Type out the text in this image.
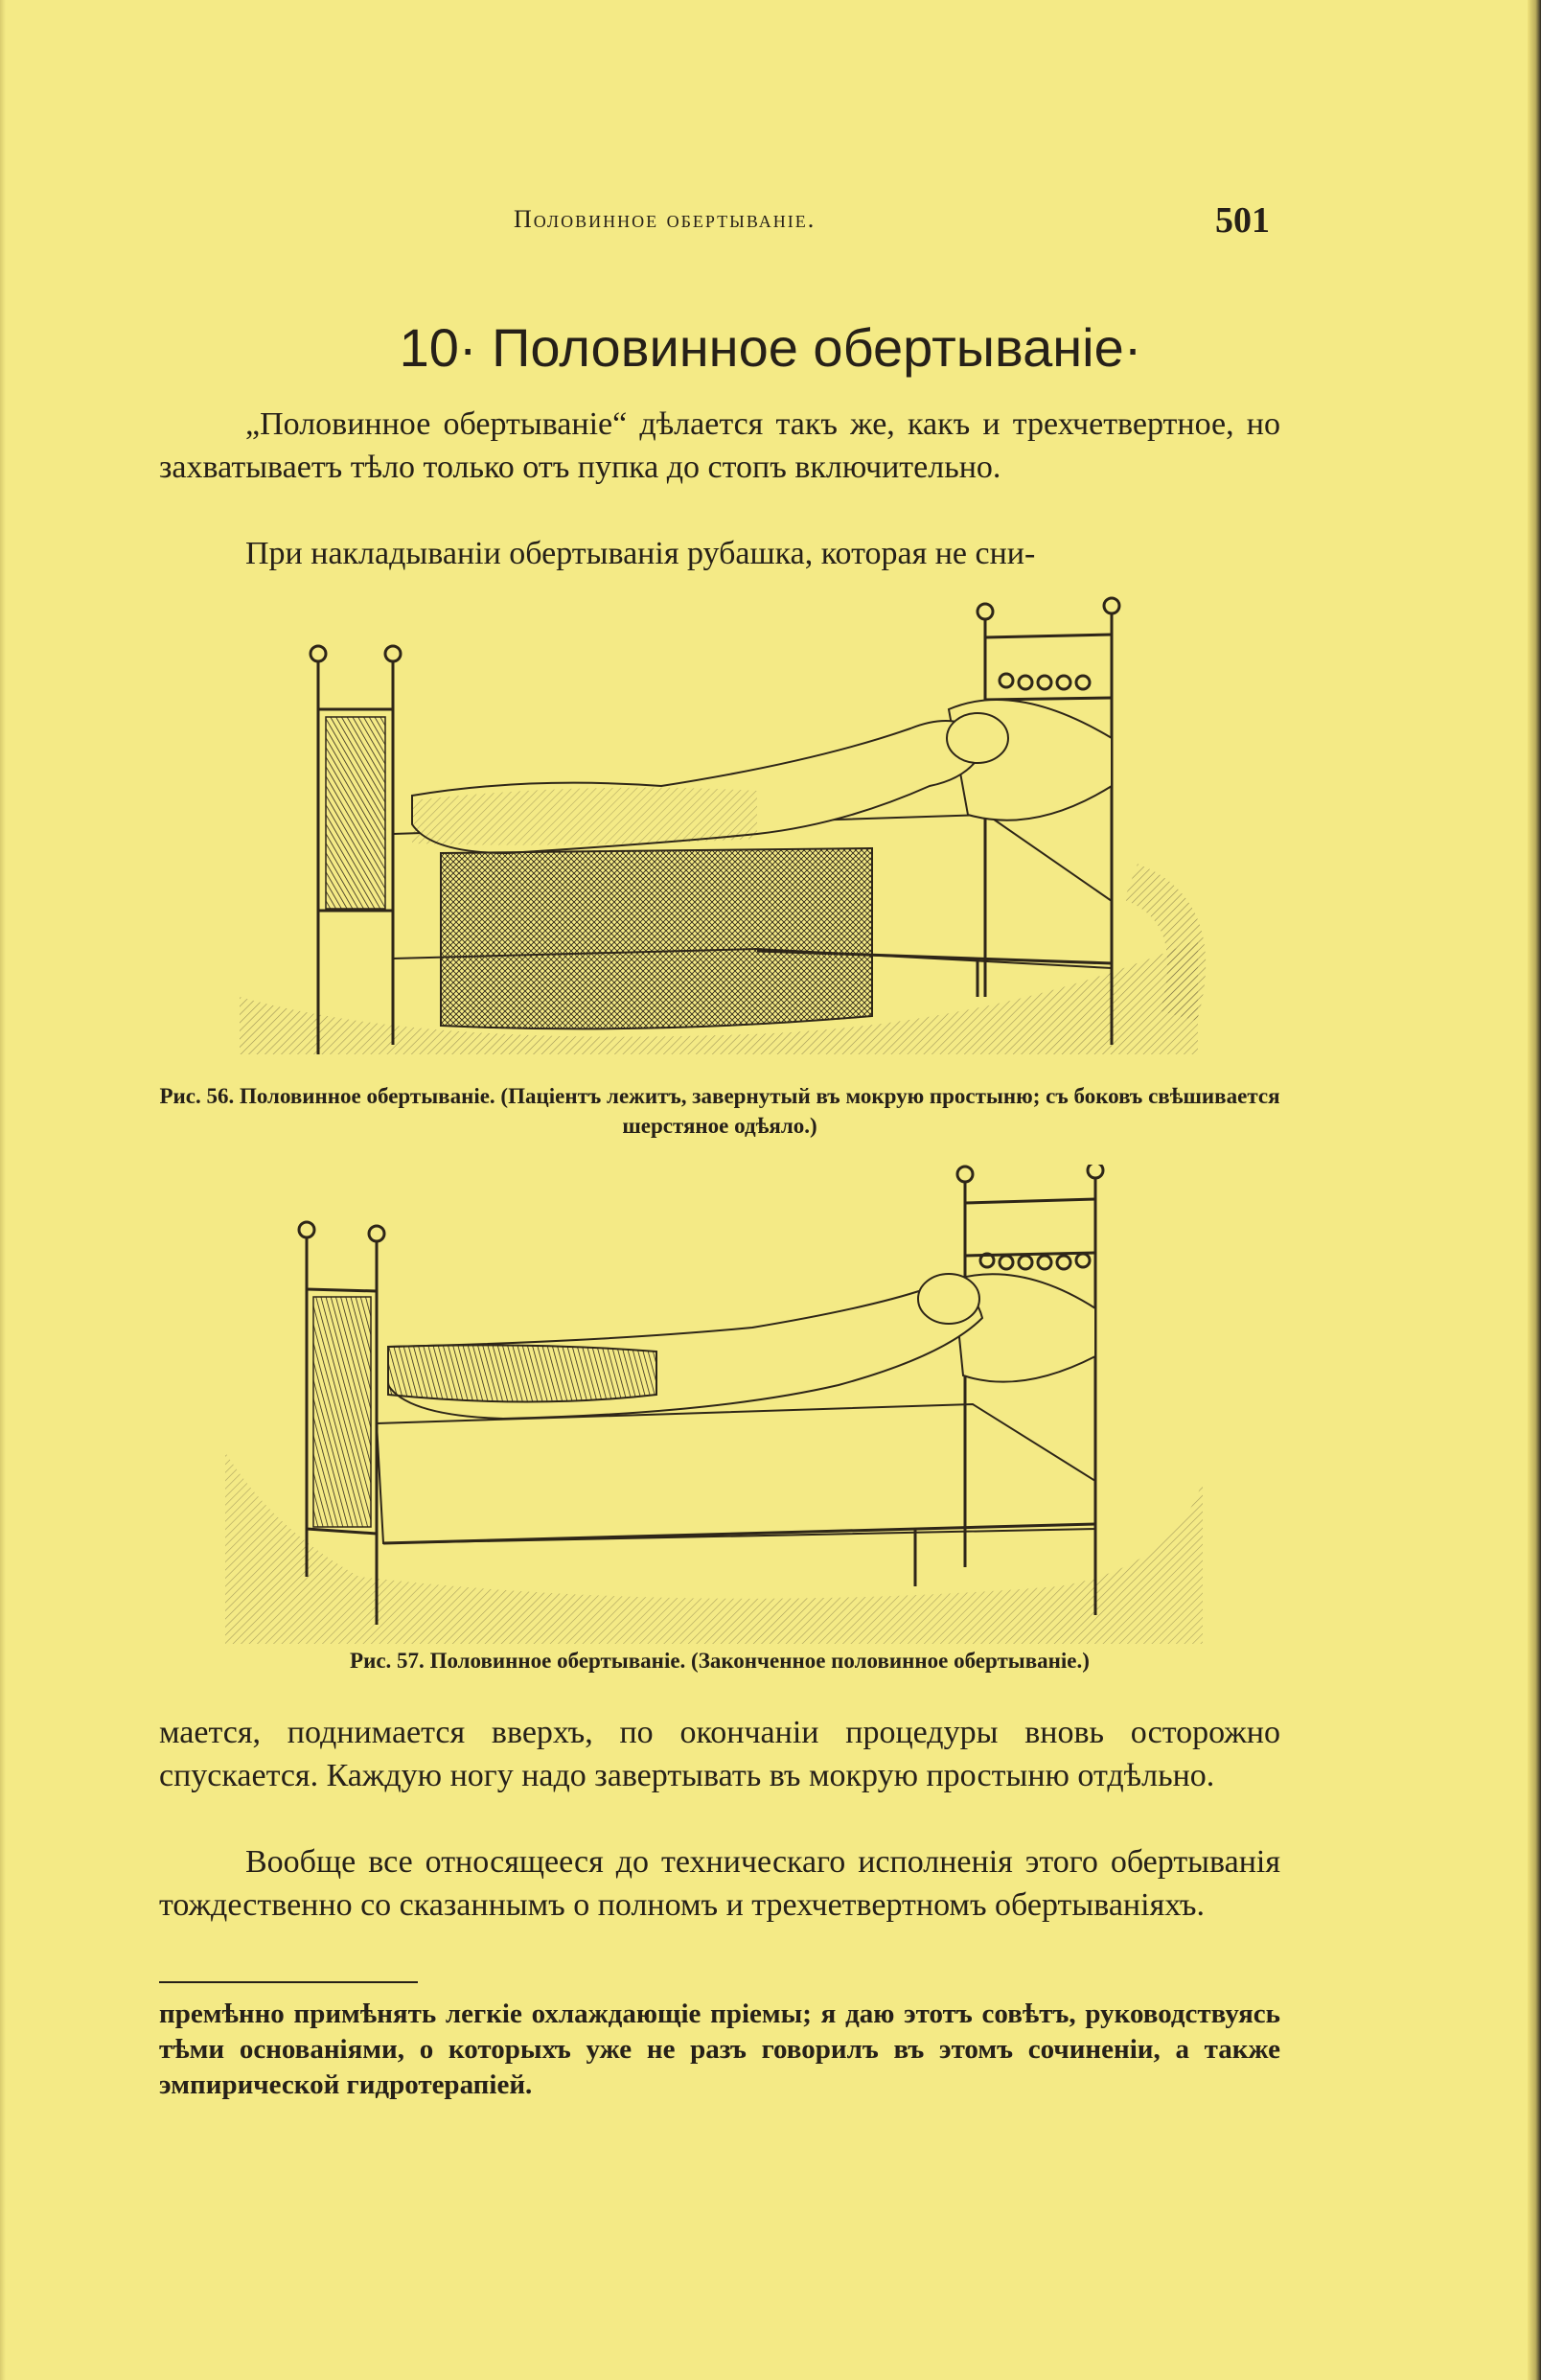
Половинное обертываніе.	501
10· Половинное обертываніе·

„Половинное обертываніе“ дѣлается такъ же, какъ и трехчетвертное, но захватываетъ тѣло только отъ пупка до стопъ включительно.

При накладываніи обертыванія рубашка, которая не сни-

Рис. 56. Половинное обертываніе. (Паціентъ лежитъ, завернутый въ мокрую простыню; съ боковъ свѣшивается шерстяное одѣяло.)
Рис. 57. Половинное обертываніе. (Законченное половинное обертываніе.)

мается, поднимается вверхъ, по окончаніи процедуры вновь осторожно спускается. Каждую ногу надо завертывать въ мокрую простыню отдѣльно.

Вообще все относящееся до техническаго исполненія этого обертыванія тождественно со сказаннымъ о полномъ и трехчетвертномъ обертываніяхъ.

премѣнно примѣнять легкіе охлаждающіе пріемы; я даю этотъ совѣтъ, руководствуясь тѣми основаніями, о которыхъ уже не разъ говорилъ въ этомъ сочиненіи, а также эмпирической гидротерапіей.
